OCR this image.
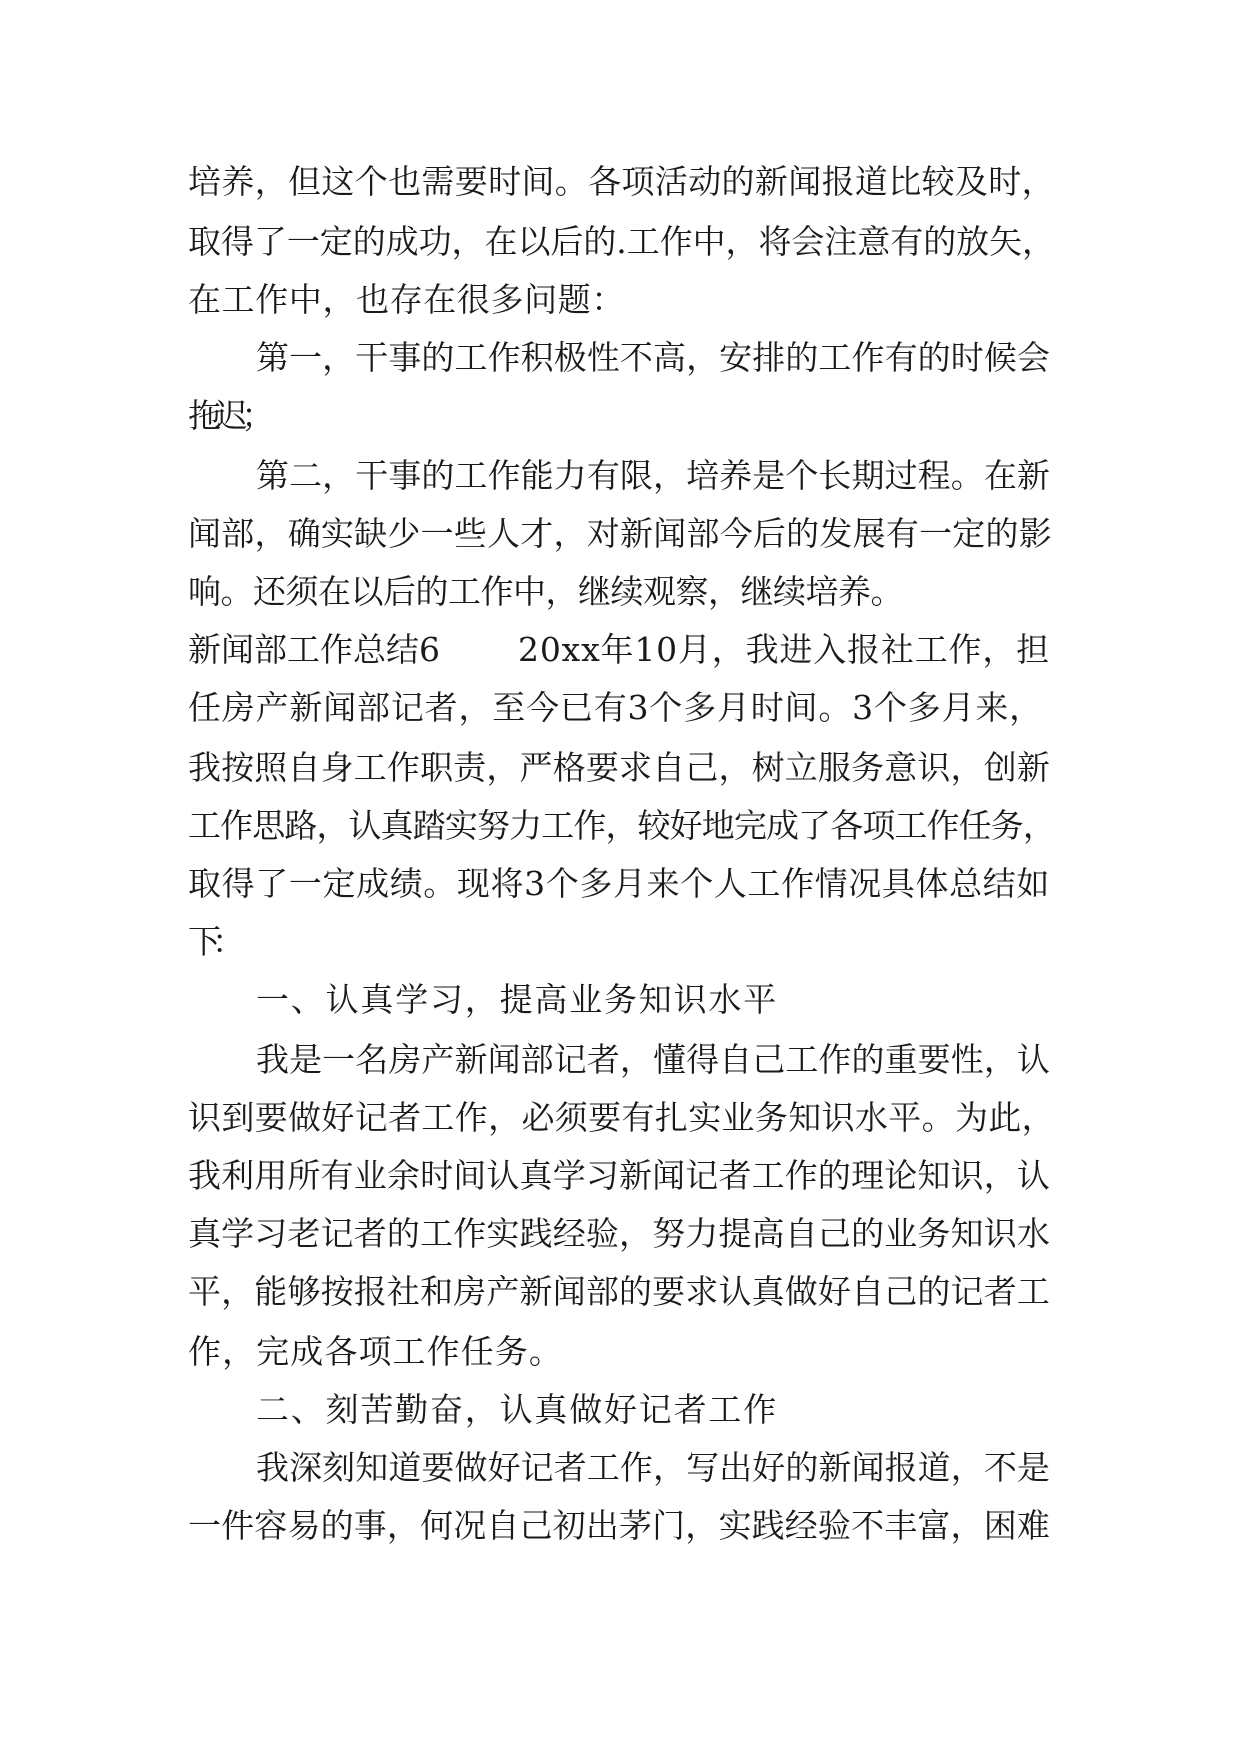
培养，但这个也需要时间。各项活动的新闻报道比较及时，
取得了一定的成功，在以后的.工作中，将会注意有的放矢，
在工作中，也存在很多问题：
第一，干事的工作积极性不高，安排的工作有的时候会
拖迟；
第二，干事的工作能力有限，培养是个长期过程。在新
闻部，确实缺少一些人才，对新闻部今后的发展有一定的影
响。还须在以后的工作中，继续观察，继续培养。
新闻部工作总结6 20xx年10月，我进入报社工作，担
任房产新闻部记者，至今已有3个多月时间。3个多月来，
我按照自身工作职责，严格要求自己，树立服务意识，创新
工作思路，认真踏实努力工作，较好地完成了各项工作任务，
取得了一定成绩。现将3个多月来个人工作情况具体总结如
下：
一、认真学习，提高业务知识水平
我是一名房产新闻部记者，懂得自己工作的重要性，认
识到要做好记者工作，必须要有扎实业务知识水平。为此，
我利用所有业余时间认真学习新闻记者工作的理论知识，认
真学习老记者的工作实践经验，努力提高自己的业务知识水
平，能够按报社和房产新闻部的要求认真做好自己的记者工
作，完成各项工作任务。
二、刻苦勤奋，认真做好记者工作
我深刻知道要做好记者工作，写出好的新闻报道，不是
一件容易的事，何况自己初出茅门，实践经验不丰富，困难
